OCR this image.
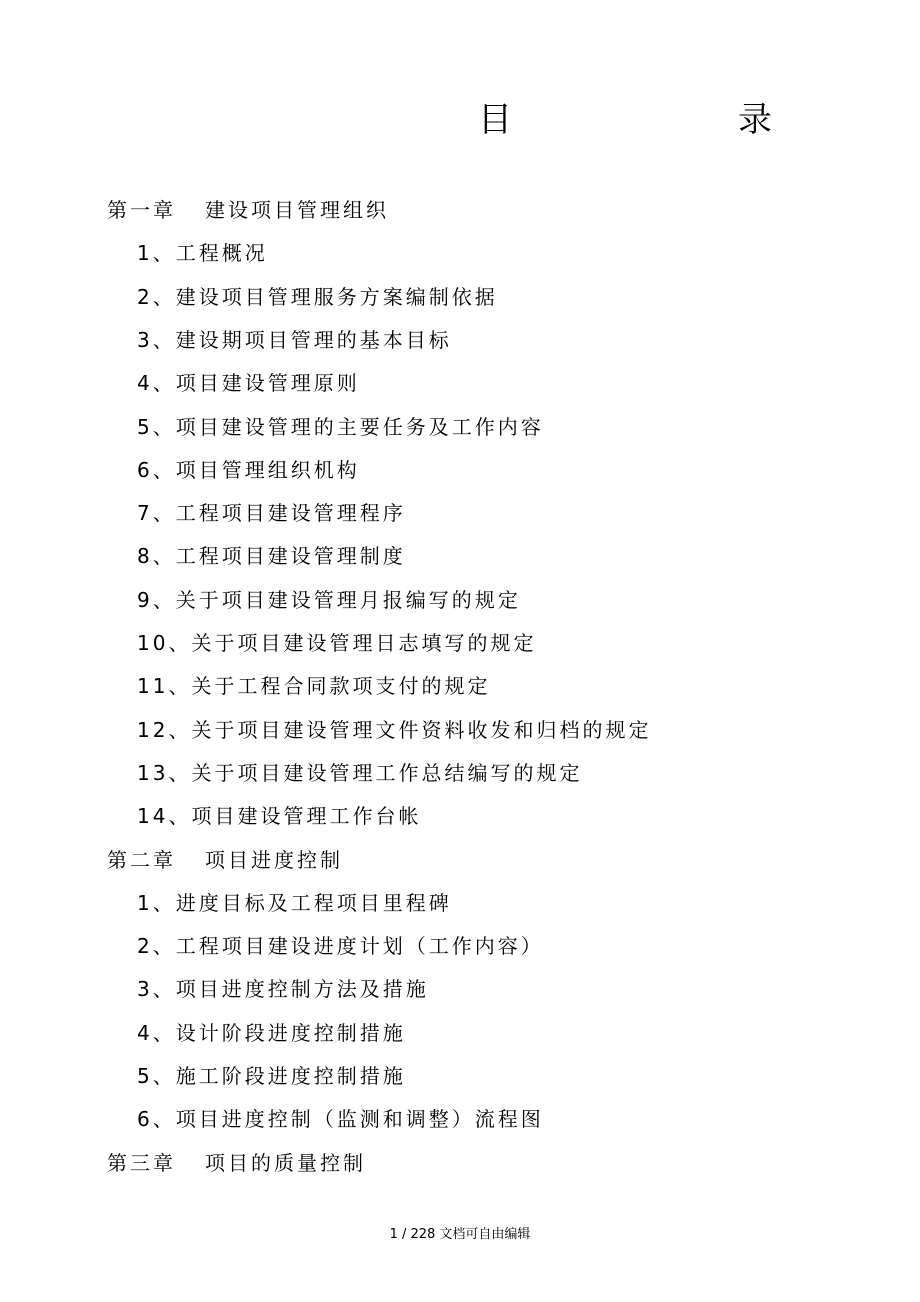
目	录
第一章 建设项目管理组织
1、工程概况
2、建设项目管理服务方案编制依据
3、建设期项目管理的基本目标
4、项目建设管理原则
5、项目建设管理的主要任务及工作内容
6、项目管理组织机构
7、工程项目建设管理程序
8、工程项目建设管理制度
9、关于项目建设管理月报编写的规定
10、关于项目建设管理日志填写的规定
11、关于工程合同款项支付的规定
12、关于项目建设管理文件资料收发和归档的规定
13、关于项目建设管理工作总结编写的规定
14、项目建设管理工作台帐
第二章 项目进度控制
1、进度目标及工程项目里程碑
2、工程项目建设进度计划（工作内容）
3、项目进度控制方法及措施
4、设计阶段进度控制措施
5、施工阶段进度控制措施
6、项目进度控制（监测和调整）流程图
第三章 项目的质量控制
1 / 228 文档可自由编辑
